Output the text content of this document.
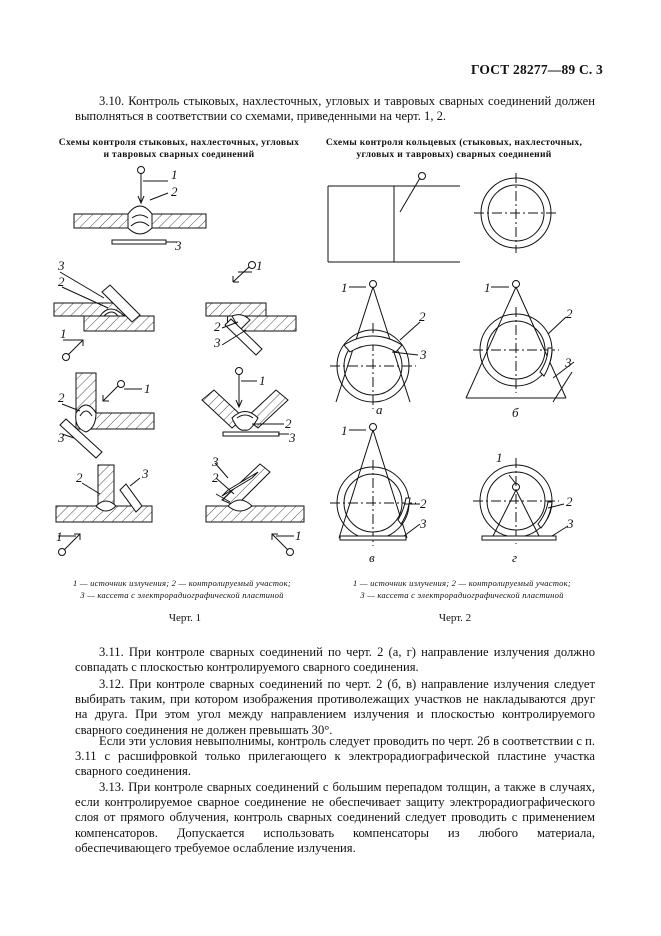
ГОСТ 28277—89 С. 3

3.10. Контроль стыковых, нахлесточных, угловых и тавровых сварных соединений должен выполняться в соответствии со схемами, приведенными на черт. 1, 2.

Схемы контроля стыковых, нахлесточных, угловых
и тавровых сварных соединений
Схемы контроля кольцевых (стыковых, нахлесточных,
угловых и тавровых) сварных соединений
1
2
3
3
2
1
1
2
3
1
2
3
1
2
3
2	3
1
3
2
1
1
2
3
а
1
2
3
б
1
2
3
в
1
2
3
г
1 — источник излучения; 2 — контролируемый участок;
3 — кассета с электрорадиографической пластиной
1 — источник излучения; 2 — контролируемый участок;
3 — кассета с электрорадиографической пластиной
Черт. 1	Черт. 2

3.11. При контроле сварных соединений по черт. 2 (а, г) направление излучения должно совпадать с плоскостью контролируемого сварного соединения.

3.12. При контроле сварных соединений по черт. 2 (б, в) направление излучения следует выбирать таким, при котором изображения противолежащих участков не накладываются друг на друга. При этом угол между направлением излучения и плоскостью контролируемого сварного соединения не должен превышать 30°.

Если эти условия невыполнимы, контроль следует проводить по черт. 2б в соответствии с п. 3.11 с расшифровкой только прилегающего к электрорадиографической пластине участка сварного соединения.

3.13. При контроле сварных соединений с большим перепадом толщин, а также в случаях, если контролируемое сварное соединение не обеспечивает защиту электрорадиографического слоя от прямого облучения, контроль сварных соединений следует проводить с применением компенсаторов. Допускается использовать компенсаторы из любого материала, обеспечивающего требуемое ослабление излучения.
